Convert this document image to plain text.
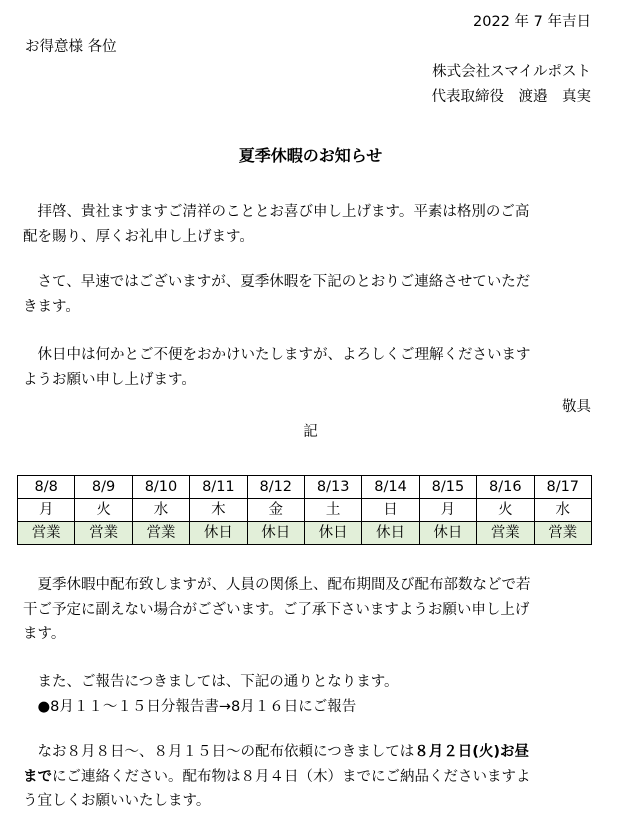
2022 年 7 年吉日
お得意様 各位
株式会社スマイルポスト
代表取締役　渡邉　真実
夏季休暇のお知らせ
　拝啓、貴社ますますご清祥のこととお喜び申し上げます。平素は格別のご高
配を賜り、厚くお礼申し上げます。
　さて、早速ではございますが、夏季休暇を下記のとおりご連絡させていただ
きます。
　休日中は何かとご不便をおかけいたしますが、よろしくご理解くださいます
ようお願い申し上げます。
敬具
記
8/8	8/9	8/10	8/11	8/12	8/13	8/14	8/15	8/16	8/17
月	火	水	木	金	土	日	月	火	水
営業	営業	営業	休日	休日	休日	休日	休日	営業	営業
　夏季休暇中配布致しますが、人員の関係上、配布期間及び配布部数などで若
干ご予定に副えない場合がございます。ご了承下さいますようお願い申し上げ
ます。
　また、ご報告につきましては、下記の通りとなります。
　●8月１１～１５日分報告書→8月１６日にご報告
　なお８月８日～、８月１５日～の配布依頼につきましては８月２日(火)お昼
までにご連絡ください。配布物は８月４日（木）までにご納品くださいますよ
う宜しくお願いいたします。
